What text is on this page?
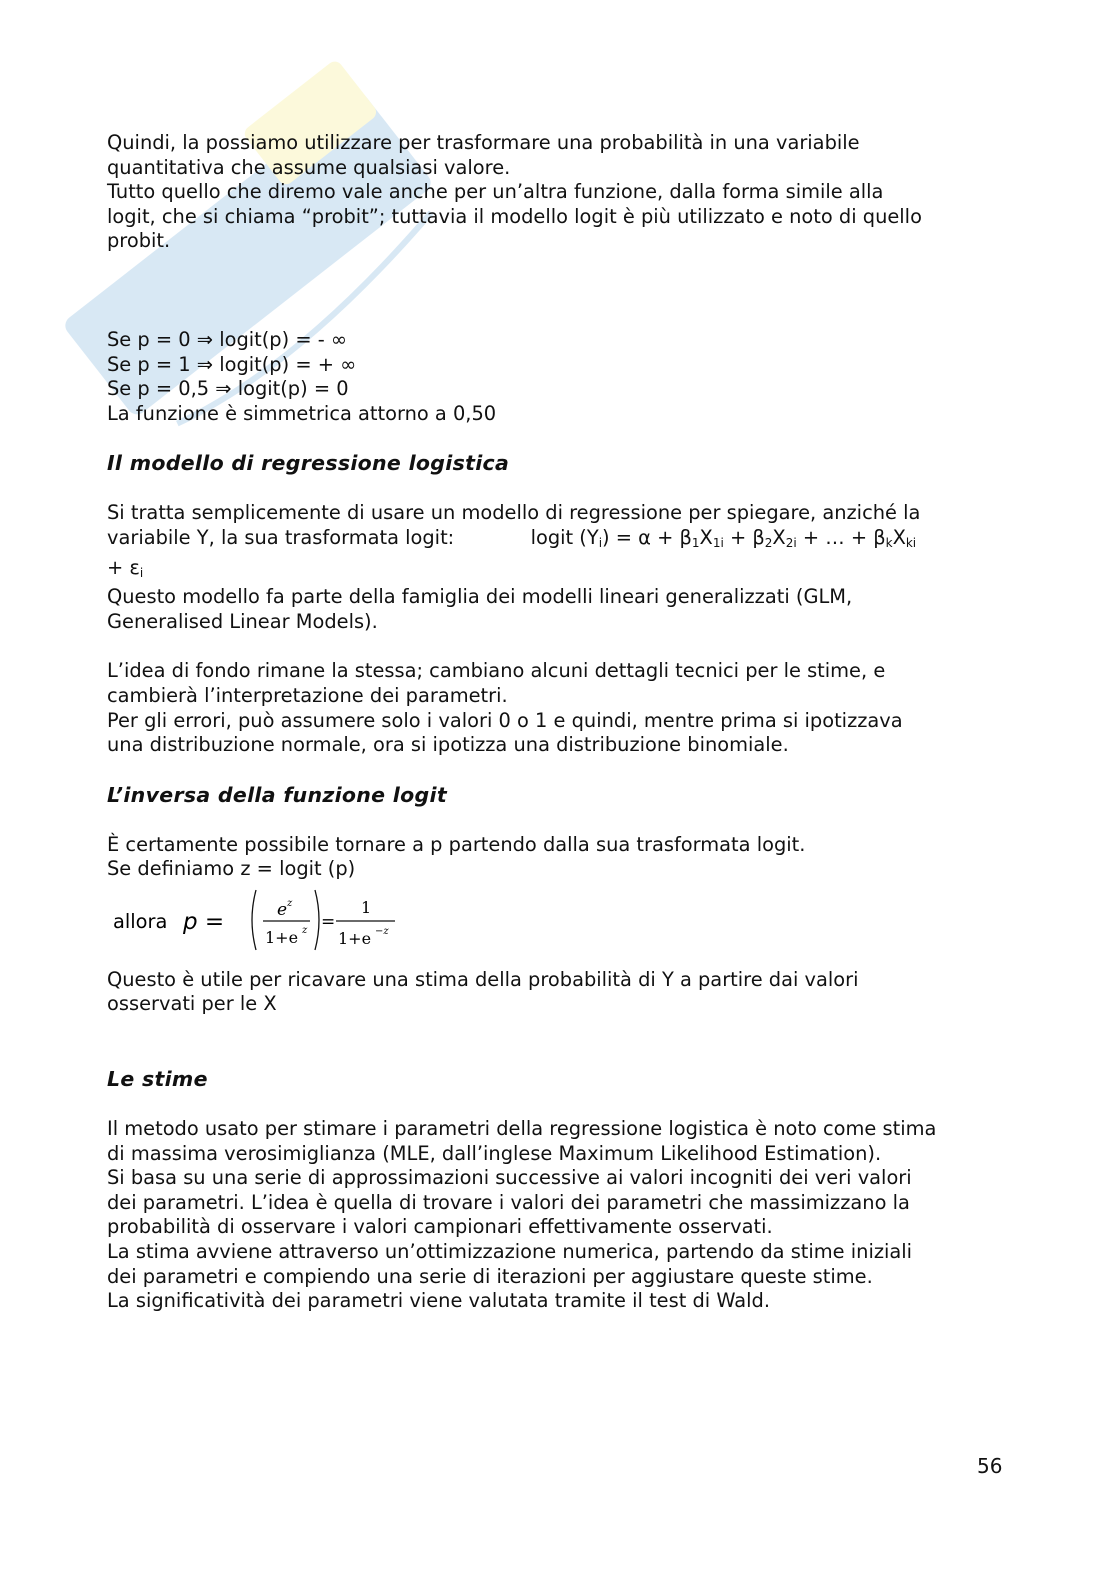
Quindi, la possiamo utilizzare per trasformare una probabilità in una variabile quantitativa che assume qualsiasi valore.

Tutto quello che diremo vale anche per un’altra funzione, dalla forma simile alla logit, che si chiama “probit”; tuttavia il modello logit è più utilizzato e noto di quello probit.

Se p = 0 ⇒ logit(p) = - ∞

Se p = 1 ⇒ logit(p) = + ∞

Se p = 0,5 ⇒ logit(p) = 0

La funzione è simmetrica attorno a 0,50

Il modello di regressione logistica

Si tratta semplicemente di usare un modello di regressione per spiegare, anziché la variabile Y, la sua trasformata logit:	logit $(Y_i) = \alpha + \beta_1X_{1i} + \beta_2X_{2i}$ + … + $\beta_kX_{ki} + \varepsilon_i$

Questo modello fa parte della famiglia dei modelli lineari generalizzati (GLM, Generalised Linear Models).

L’idea di fondo rimane la stessa; cambiano alcuni dettagli tecnici per le stime, e cambierà l’interpretazione dei parametri.

Per gli errori, può assumere solo i valori 0 o 1 e quindi, mentre prima si ipotizzava una distribuzione normale, ora si ipotizza una distribuzione binomiale.

L’inversa della funzione logit

È certamente possibile tornare a p partendo dalla sua trasformata logit.

Se definiamo z = logit (p)

allora p =	e z
1+e z =
1
1+e −z

Questo è utile per ricavare una stima della probabilità di Y a partire dai valori osservati per le X

Le stime

Il metodo usato per stimare i parametri della regressione logistica è noto come stima di massima verosimiglianza (MLE, dall’inglese Maximum Likelihood Estimation).

Si basa su una serie di approssimazioni successive ai valori incogniti dei veri valori dei parametri. L’idea è quella di trovare i valori dei parametri che massimizzano la probabilità di osservare i valori campionari effettivamente osservati.

La stima avviene attraverso un’ottimizzazione numerica, partendo da stime iniziali dei parametri e compiendo una serie di iterazioni per aggiustare queste stime.

La significatività dei parametri viene valutata tramite il test di Wald.

56
